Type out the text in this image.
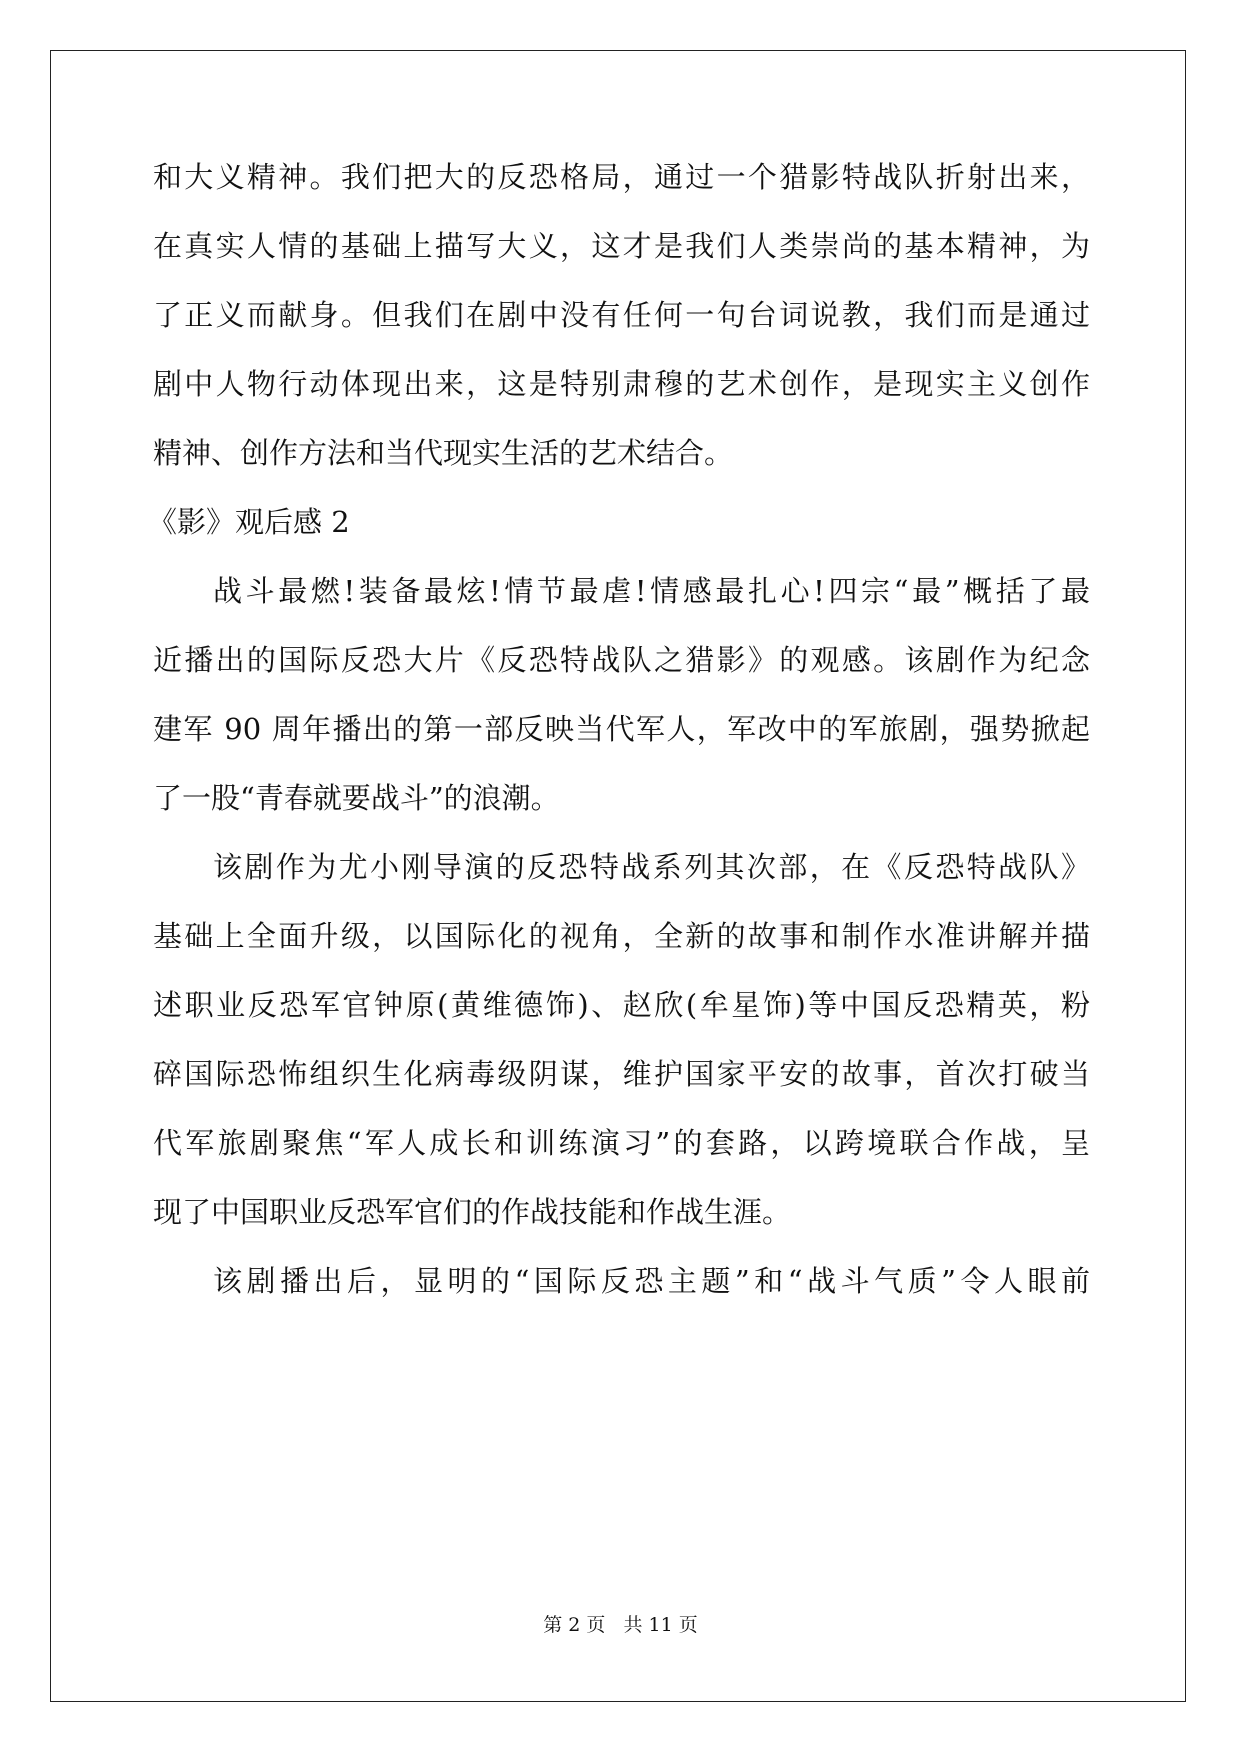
和大义精神。我们把大的反恐格局，通过一个猎影特战队折射出来，
在真实人情的基础上描写大义，这才是我们人类崇尚的基本精神，为
了正义而献身。但我们在剧中没有任何一句台词说教，我们而是通过
剧中人物行动体现出来，这是特别肃穆的艺术创作，是现实主义创作
精神、创作方法和当代现实生活的艺术结合。
《影》观后感 2
战斗最燃!装备最炫!情节最虐!情感最扎心!四宗“最”概括了最
近播出的国际反恐大片《反恐特战队之猎影》的观感。该剧作为纪念
建军 90 周年播出的第一部反映当代军人，军改中的军旅剧，强势掀起
了一股“青春就要战斗”的浪潮。
该剧作为尤小刚导演的反恐特战系列其次部，在《反恐特战队》
基础上全面升级，以国际化的视角，全新的故事和制作水准讲解并描
述职业反恐军官钟原(黄维德饰)、赵欣(牟星饰)等中国反恐精英，粉
碎国际恐怖组织生化病毒级阴谋，维护国家平安的故事，首次打破当
代军旅剧聚焦“军人成长和训练演习”的套路，以跨境联合作战，呈
现了中国职业反恐军官们的作战技能和作战生涯。
该剧播出后，显明的“国际反恐主题”和“战斗气质”令人眼前
第 2 页   共 11 页
